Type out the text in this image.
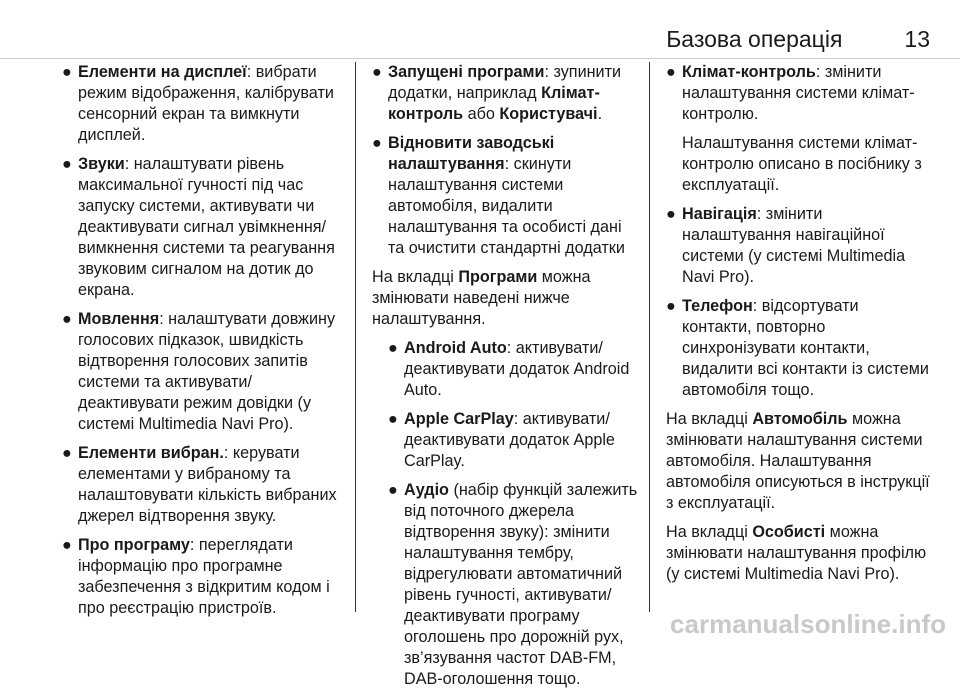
Базова операція	13
● Елементи на дисплеї: вибрати режим відображення, калібрувати сенсорний екран та вимкнути дисплей.
● Звуки: налаштувати рівень максимальної гучності під час запуску системи, активувати чи деактивувати сигнал увімкнення/вимкнення системи та реагування звуковим сигналом на дотик до екрана.
● Мовлення: налаштувати довжину голосових підказок, швидкість відтворення голосових запитів системи та активувати/деактивувати режим довідки (у системі Multimedia Navi Pro).
● Елементи вибран.: керувати елементами у вибраному та налаштовувати кількість вибраних джерел відтворення звуку.
● Про програму: переглядати інформацію про програмне забезпечення з відкритим кодом і про реєстрацію пристроїв.
● Запущені програми: зупинити додатки, наприклад Клімат-контроль або Користувачі.
● Відновити заводські налаштування: скинути налаштування системи автомобіля, видалити налаштування та особисті дані та очистити стандартні додатки

На вкладці Програми можна змінювати наведені нижче налаштування.

● Android Auto: активувати/деактивувати додаток Android Auto.
● Apple CarPlay: активувати/деактивувати додаток Apple CarPlay.
● Аудіо (набір функцій залежить від поточного джерела відтворення звуку): змінити налаштування тембру, відрегулювати автоматичний рівень гучності, активувати/деактивувати програму оголошень про дорожній рух, зв’язування частот DAB-FM, DAB-оголошення тощо.
● Клімат-контроль: змінити налаштування системи клімат-контролю.
Налаштування системи клімат-контролю описано в посібнику з експлуатації.
● Навігація: змінити налаштування навігаційної системи (у системі Multimedia Navi Pro).
● Телефон: відсортувати контакти, повторно синхронізувати контакти, видалити всі контакти із системи автомобіля тощо.

На вкладці Автомобіль можна змінювати налаштування системи автомобіля. Налаштування автомобіля описуються в інструкції з експлуатації.

На вкладці Особисті можна змінювати налаштування профілю (у системі Multimedia Navi Pro).

carmanualsonline.info
